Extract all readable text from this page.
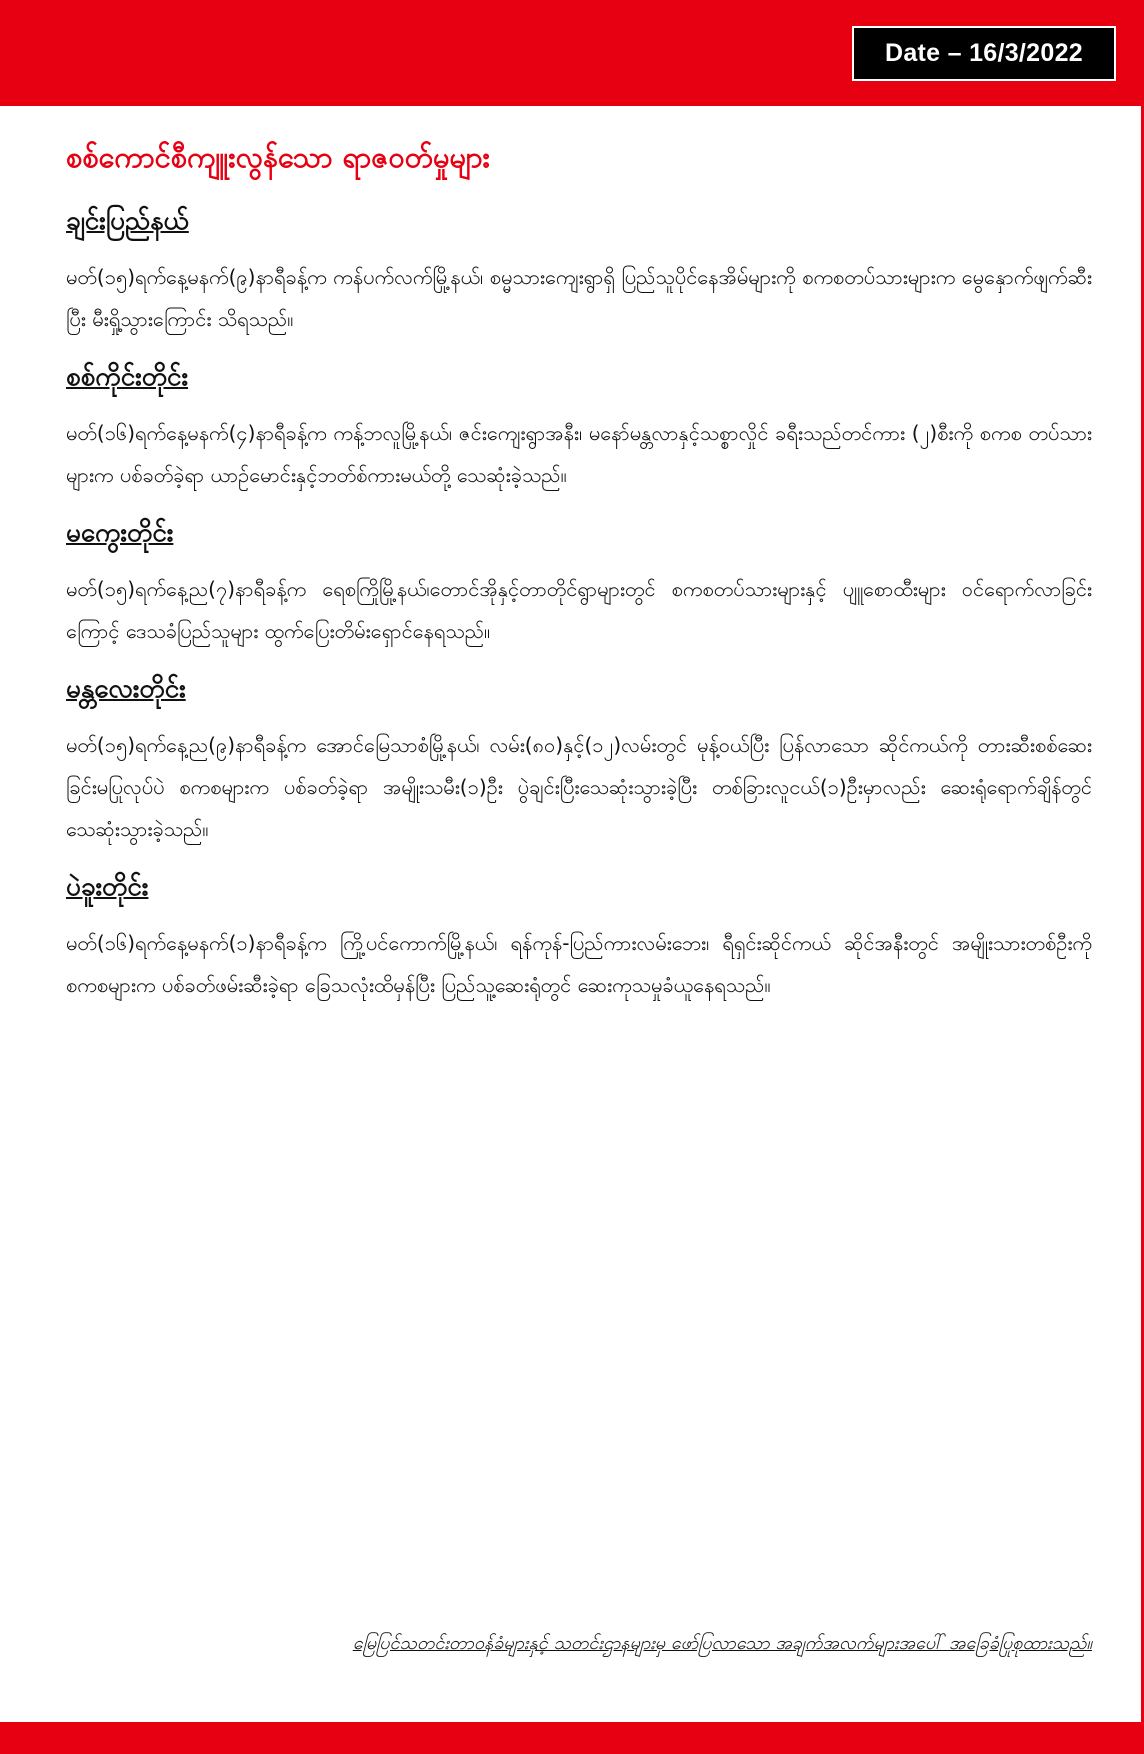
Date – 16/3/2022
စစ်ကောင်စီကျူးလွန်သော ရာဇဝတ်မှုများ
ချင်းပြည်နယ်
မတ်(၁၅)ရက်နေ့မနက်(၉)နာရီခန့်က ကန်ပက်လက်မြို့နယ်၊ စမ္မသားကျေးရွာရှိ ပြည်သူပိုင်နေအိမ်များကို စကစတပ်သားများက မွေနှောက်ဖျက်ဆီးပြီး မီးရှို့သွားကြောင်း သိရသည်။
စစ်ကိုင်းတိုင်း
မတ်(၁၆)ရက်နေ့မနက်(၄)နာရီခန့်က ကန့်ဘလူမြို့နယ်၊ ဇင်းကျေးရွာအနီး၊ မနော်မန္တလာနှင့်သစ္စာလှိုင် ခရီးသည်တင်ကား (၂)စီးကို စကစ တပ်သားများက ပစ်ခတ်ခဲ့ရာ ယာဉ်မောင်းနှင့်ဘတ်စ်ကားမယ်တို့ သေဆုံးခဲ့သည်။
မကွေးတိုင်း
မတ်(၁၅)ရက်နေ့ည(၇)နာရီခန့်က ရေစကြိုမြို့နယ်၊တောင်အိုနှင့်တာတိုင်ရွာများတွင် စကစတပ်သားများနှင့် ပျူစောထီးများ ဝင်ရောက်လာခြင်းကြောင့် ဒေသခံပြည်သူများ ထွက်ပြေးတိမ်းရှောင်နေရသည်။
မန္တလေးတိုင်း
မတ်(၁၅)ရက်နေ့ည(၉)နာရီခန့်က အောင်မြေသာစံမြို့နယ်၊ လမ်း(၈၀)နှင့်(၁၂)လမ်းတွင် မုန့်ဝယ်ပြီး ပြန်လာသော ဆိုင်ကယ်ကို တားဆီးစစ်ဆေးခြင်းမပြုလုပ်ပဲ စကစများက ပစ်ခတ်ခဲ့ရာ အမျိုးသမီး(၁)ဦး ပွဲချင်းပြီးသေဆုံးသွားခဲ့ပြီး တစ်ခြားလူငယ်(၁)ဦးမှာလည်း ဆေးရုံရောက်ချိန်တွင် သေဆုံးသွားခဲ့သည်။
ပဲခူးတိုင်း
မတ်(၁၆)ရက်နေ့မနက်(၁)နာရီခန့်က ကြို့ပင်ကောက်မြို့နယ်၊ ရန်ကုန်-ပြည်ကားလမ်းဘေး၊ ရီရှင်းဆိုင်ကယ် ဆိုင်အနီးတွင် အမျိုးသားတစ်ဦးကို စကစများက ပစ်ခတ်ဖမ်းဆီးခဲ့ရာ ခြေသလုံးထိမှန်ပြီး ပြည်သူ့ဆေးရုံတွင် ဆေးကုသမှုခံယူနေရသည်။
မြေပြင်သတင်းတာဝန်ခံများနှင့် သတင်းဌာနများမှ ဖော်ပြလာသော အချက်အလက်များအပေါ် အခြေခံပြုစုထားသည်။
